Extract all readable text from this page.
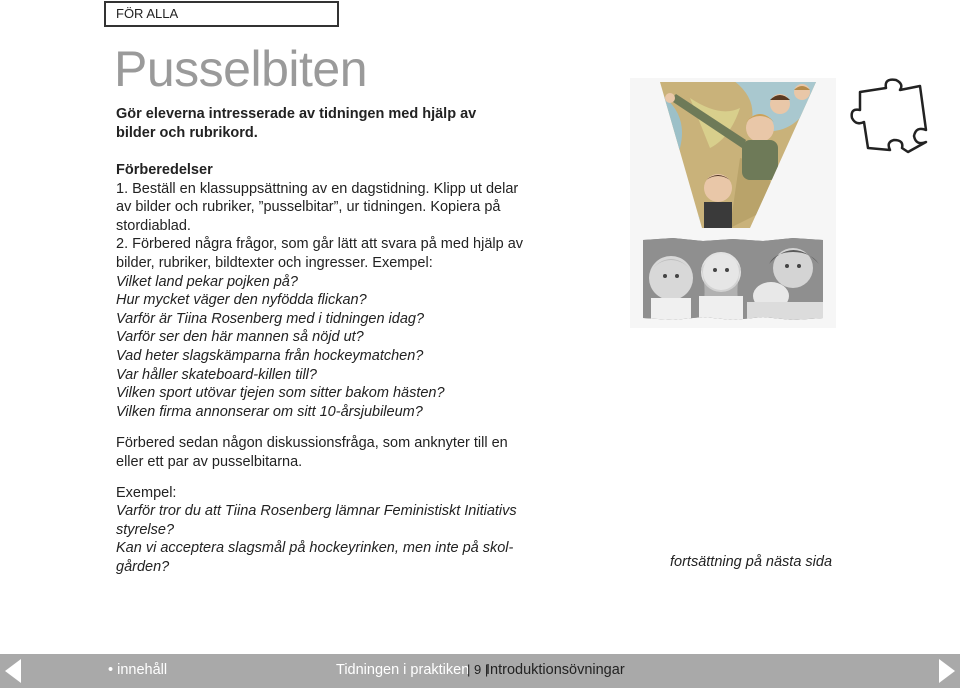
FÖR ALLA
Pusselbiten
Gör eleverna intresserade av tidningen med hjälp av bilder och rubrikord.

Förberedelser

1. Beställ en klassuppsättning av en dagstidning. Klipp ut delar av bilder och rubriker, ”pusselbitar”, ur tidningen. Kopiera på stordiablad.

2. Förbered några frågor, som går lätt att svara på med hjälp av bilder, rubriker, bildtexter och ingresser. Exempel:

Vilket land pekar pojken på?

Hur mycket väger den nyfödda flickan?

Varför är Tiina Rosenberg med i tidningen idag?

Varför ser den här mannen så nöjd ut?

Vad heter slagskämparna från hockeymatchen?

Var håller skateboard-killen till?

Vilken sport utövar tjejen som sitter bakom hästen?

Vilken firma annonserar om sitt 10-årsjubileum?

Förbered sedan någon diskussionsfråga, som anknyter till en eller ett par av pusselbitarna.

Exempel:

Varför tror du att Tiina Rosenberg lämnar Feministiskt Initiativs styrelse?

Kan vi acceptera slagsmål på hockeyrinken, men inte på skol-gården?	fortsättning på nästa sida
• innehåll	Tidningen i praktiken
| 9 |
Introduktionsövningar
